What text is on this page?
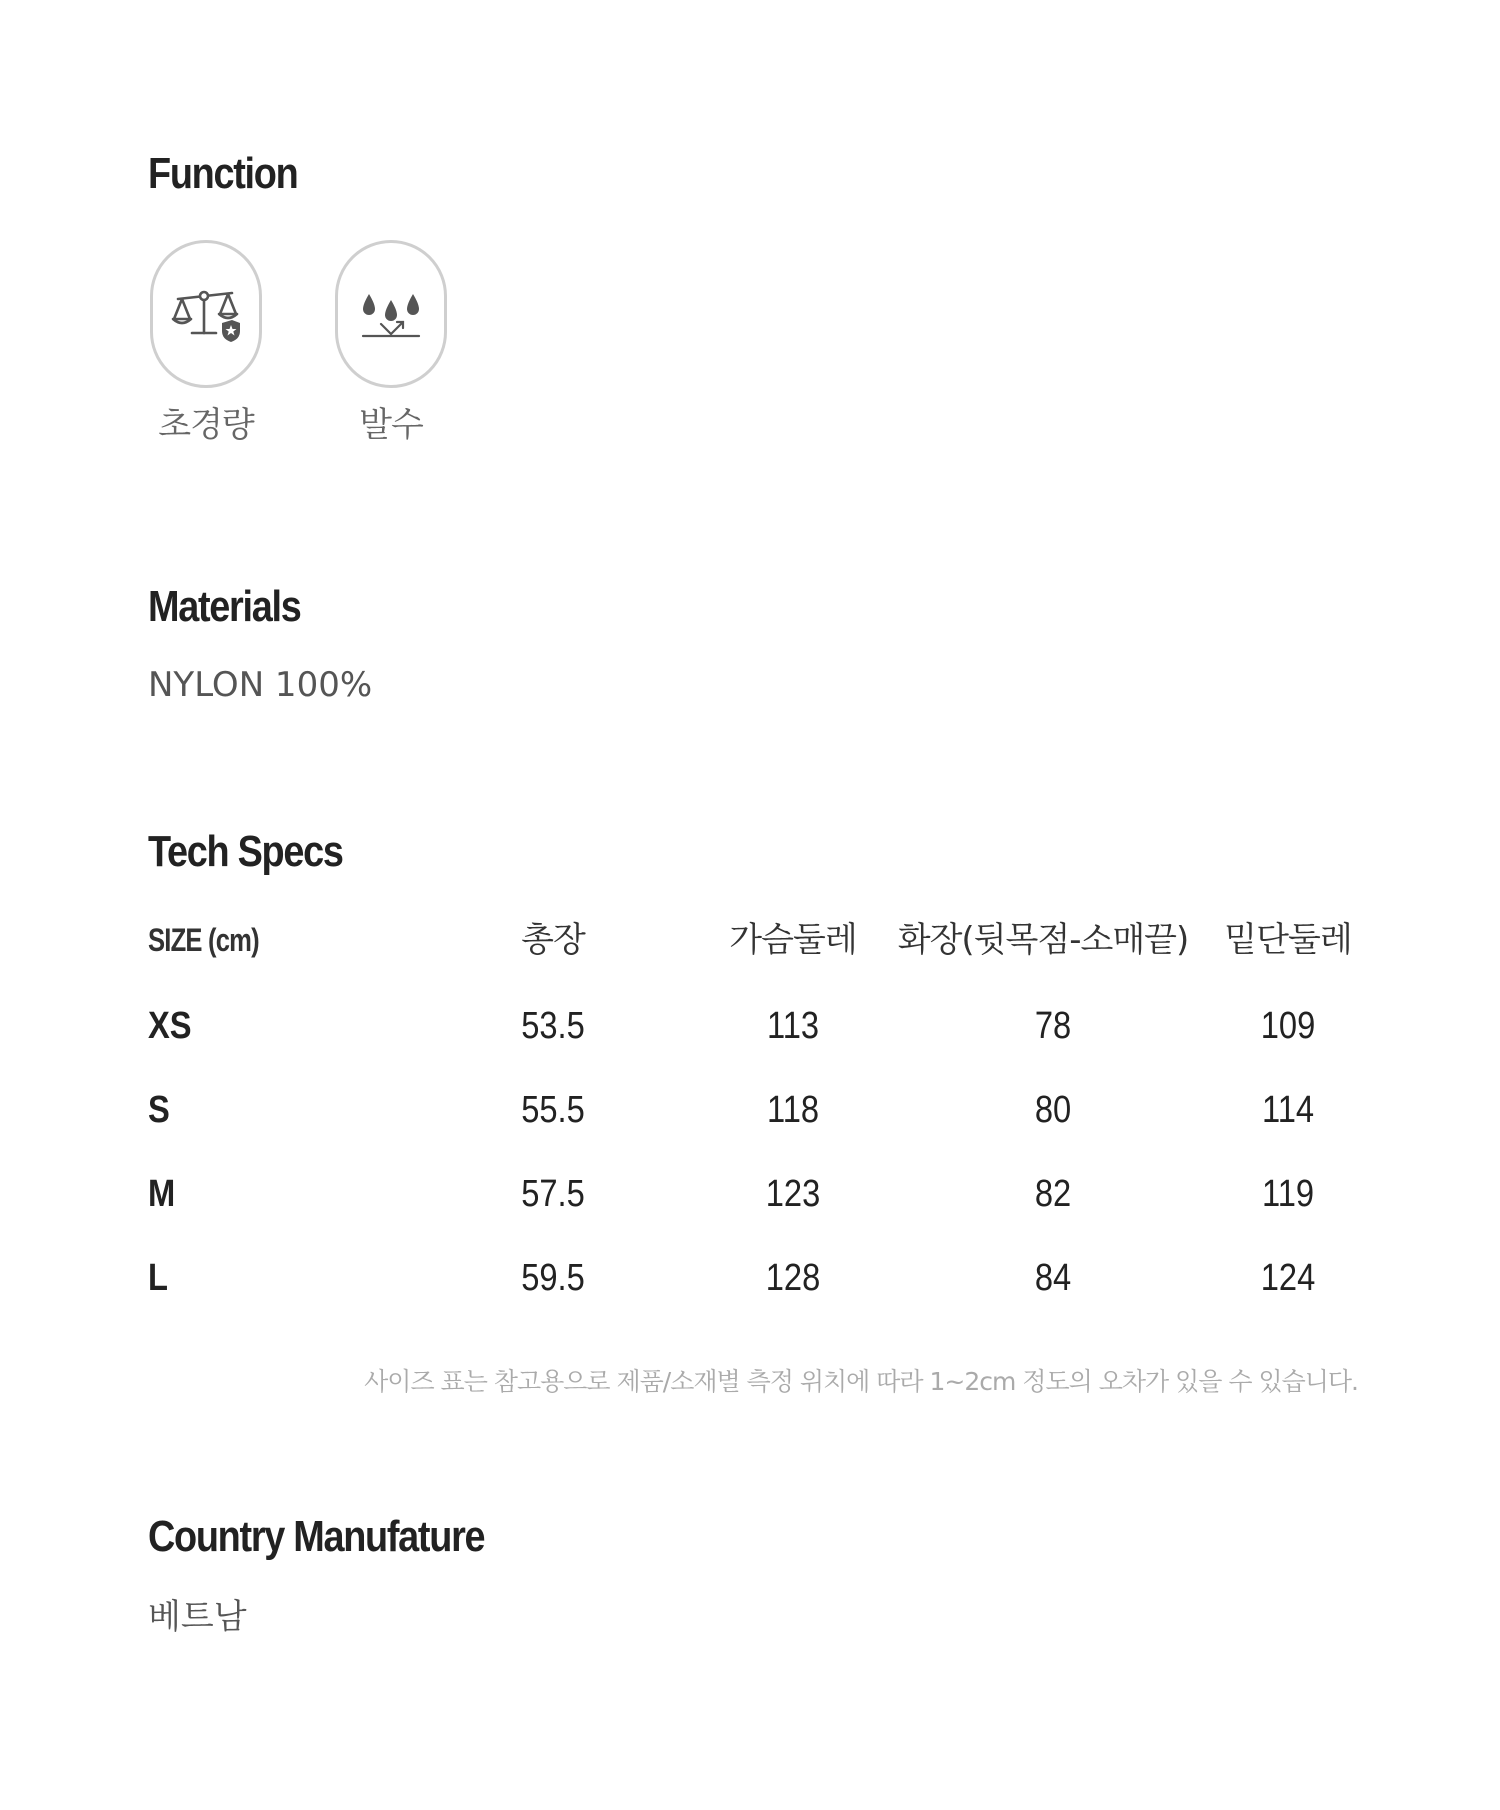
Function
초경량	발수
Materials
NYLON 100%
Tech Specs
SIZE (cm)	총장	가슴둘레	화장(뒷목점-소매끝)	밑단둘레
XS	53.5	113	78	109
S	55.5	118	80	114
M	57.5	123	82	119
L	59.5	128	84	124
사이즈 표는 참고용으로 제품/소재별 측정 위치에 따라 1~2cm 정도의 오차가 있을 수 있습니다.
Country Manufature
베트남
